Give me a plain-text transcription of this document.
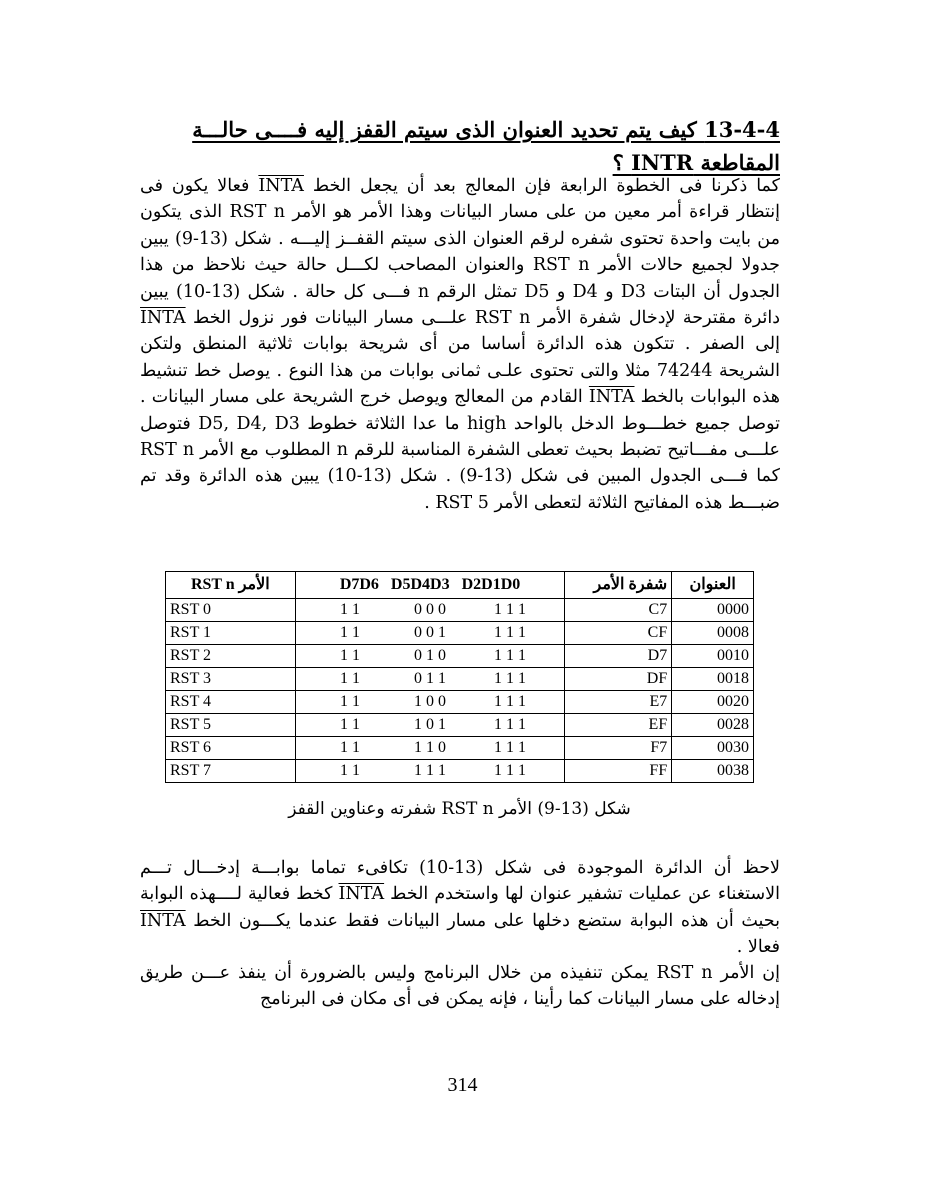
13-4-4 كيف يتم تحديد العنوان الذى سيتم القفز إليه فــــى حالـــة
المقاطعة INTR ؟

كما ذكرنا فى الخطوة الرابعة فإن المعالج بعد أن يجعل الخط INTA فعالا يكون فى إنتظار قراءة أمر معين من على مسار البيانات وهذا الأمر هو الأمر RST n الذى يتكون من بايت واحدة تحتوى شفره لرقم العنوان الذى سيتم القفــز إليـــه . شكل (13-9) يبين جدولا لجميع حالات الأمر RST n والعنوان المصاحب لكـــل حالة حيث نلاحظ من هذا الجدول أن البتات D3 و D4 و D5 تمثل الرقم n فـــى كل حالة . شكل (13-10) يبين دائرة مقترحة لإدخال شفرة الأمر RST n علـــى مسار البيانات فور نزول الخط INTA إلى الصفر . تتكون هذه الدائرة أساسا من أى شريحة بوابات ثلاثية المنطق ولتكن الشريحة 74244 مثلا والتى تحتوى علـى ثمانى بوابات من هذا النوع . يوصل خط تنشيط هذه البوابات بالخط INTA القادم من المعالج ويوصل خرج الشريحة على مسار البيانات . توصل جميع خطـــوط الدخل بالواحد high ما عدا الثلاثة خطوط D5, D4, D3 فتوصل علـــى مفـــاتيح تضبط بحيث تعطى الشفرة المناسبة للرقم n المطلوب مع الأمر RST n كما فـــى الجدول المبين فى شكل (13-9) . شكل (13-10) يبين هذه الدائرة وقد تم ضبـــط هذه المفاتيح الثلاثة لتعطى الأمر RST 5 .

الأمر RST n	D7D6   D5D4D3   D2D1D0	شفرة الأمر	العنوان
RST 0	1 1 0 0 0 1 1 1	C7	0000
RST 1	1 1 0 0 1 1 1 1	CF	0008
RST 2	1 1 0 1 0 1 1 1	D7	0010
RST 3	1 1 0 1 1 1 1 1	DF	0018
RST 4	1 1 1 0 0 1 1 1	E7	0020
RST 5	1 1 1 0 1 1 1 1	EF	0028
RST 6	1 1 1 1 0 1 1 1	F7	0030
RST 7	1 1 1 1 1 1 1 1	FF	0038
شكل (13-9) الأمر RST n شفرته وعناوين القفز

لاحظ أن الدائرة الموجودة فى شكل (13-10) تكافىء تماما بوابـــة إدخـــال تـــم الاستغناء عن عمليات تشفير عنوان لها واستخدم الخط INTA كخط فعالية لــــهذه البوابة بحيث أن هذه البوابة ستضع دخلها على مسار البيانات فقط عندما يكـــون الخط INTA فعالا .

إن الأمر RST n يمكن تنفيذه من خلال البرنامج وليس بالضرورة أن ينفذ عـــن طريق إدخاله على مسار البيانات كما رأينا ، فإنه يمكن فى أى مكان فى البرنامج

314
